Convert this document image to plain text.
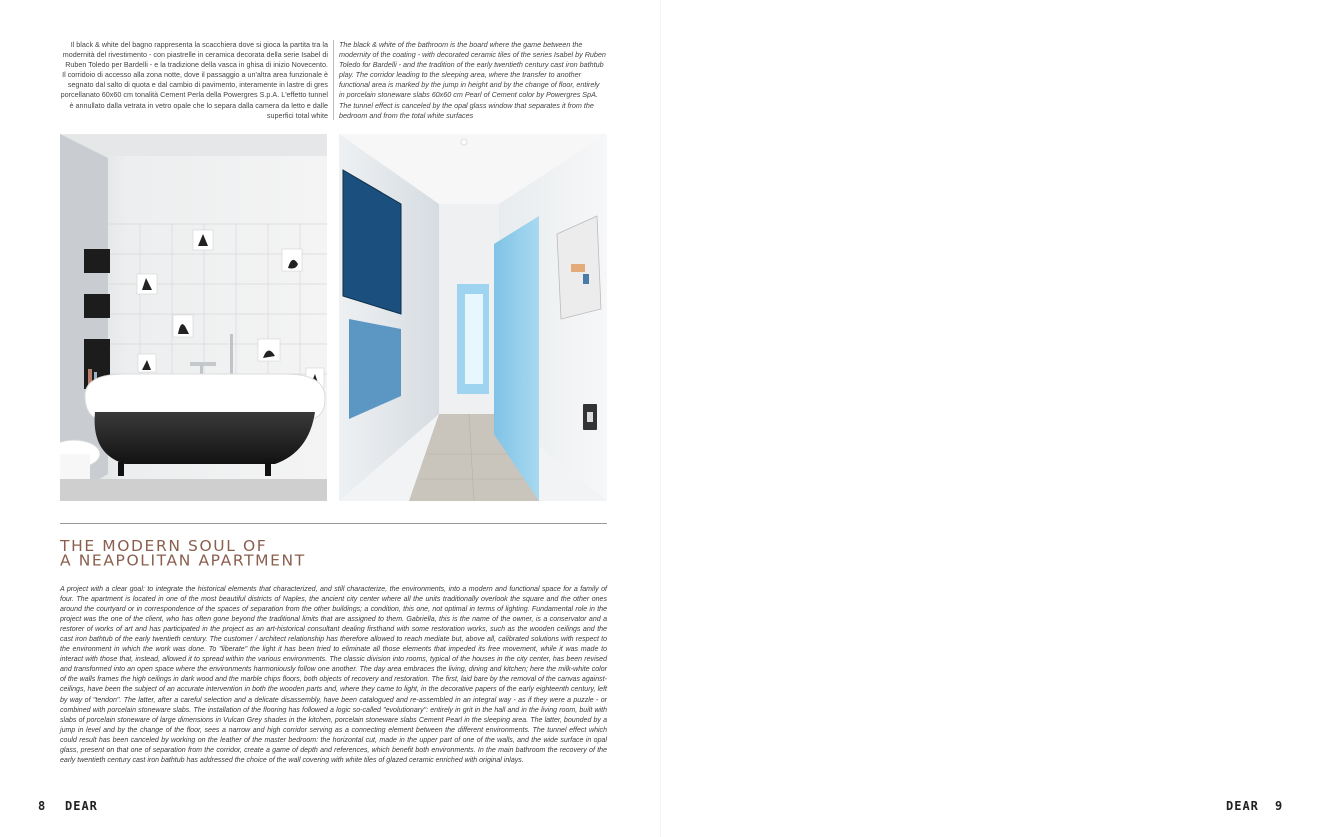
Il black & white del bagno rappresenta la scacchiera dove si gioca la partita tra la modernità del rivestimento - con piastrelle in ceramica decorata della serie Isabel di Ruben Toledo per Bardelli - e la tradizione della vasca in ghisa di inizio Novecento. Il corridoio di accesso alla zona notte, dove il passaggio a un'altra area funzionale è segnato dal salto di quota e dal cambio di pavimento, interamente in lastre di gres porcellanato 60x60 cm tonalità Cement Perla della Powergres S.p.A. L'effetto tunnel è annullato dalla vetrata in vetro opale che lo separa dalla camera da letto e dalle superfici total white

The black & white of the bathroom is the board where the game between the modernity of the coating - with decorated ceramic tiles of the series Isabel by Ruben Toledo for Bardelli - and the tradition of the early twentieth century cast iron bathtub play. The corridor leading to the sleeping area, where the transfer to another functional area is marked by the jump in height and by the change of floor, entirely in porcelain stoneware slabs 60x60 cm Pearl of Cement color by Powergres SpA. The tunnel effect is canceled by the opal glass window that separates it from the bedroom and from the total white surfaces

THE MODERN SOUL OF
A NEAPOLITAN APARTMENT

A project with a clear goal: to integrate the historical elements that characterized, and still characterize, the environments, into a modern and functional space for a family of four. The apartment is located in one of the most beautiful districts of Naples, the ancient city center where all the units traditionally overlook the square and the other ones around the courtyard or in correspondence of the spaces of separation from the other buildings; a condition, this one, not optimal in terms of lighting. Fundamental role in the project was the one of the client, who has often gone beyond the traditional limits that are assigned to them. Gabriella, this is the name of the owner, is a conservator and a restorer of works of art and has participated in the project as an art-historical consultant dealing firsthand with some restoration works, such as the wooden ceilings and the cast iron bathtub of the early twentieth century. The customer / architect relationship has therefore allowed to reach mediate but, above all, calibrated solutions with respect to the environment in which the work was done. To "liberate" the light it has been tried to eliminate all those elements that impeded its free movement, while it was made to interact with those that, instead, allowed it to spread within the various environments. The classic division into rooms, typical of the houses in the city center, has been revised and transformed into an open space where the environments harmoniously follow one another. The day area embraces the living, dining and kitchen; here the milk-white color of the walls frames the high ceilings in dark wood and the marble chips floors, both objects of recovery and restoration. The first, laid bare by the removal of the canvas against-ceilings, have been the subject of an accurate intervention in both the wooden parts and, where they came to light, in the decorative papers of the early eighteenth century, left by way of "tendon". The latter, after a careful selection and a delicate disassembly, have been catalogued and re-assembled in an integral way - as if they were a puzzle - or combined with porcelain stoneware slabs. The installation of the flooring has followed a logic so-called "evolutionary": entirely in grit in the hall and in the living room, built with slabs of porcelain stoneware of large dimensions in Vulcan Grey shades in the kitchen, porcelain stoneware slabs Cement Pearl in the sleeping area. The latter, bounded by a jump in level and by the change of the floor, sees a narrow and high corridor serving as a connecting element between the different environments. The tunnel effect which could result has been canceled by working on the leather of the master bedroom: the horizontal cut, made in the upper part of one of the walls, and the wide surface in opal glass, present on that one of separation from the corridor, create a game of depth and references, which benefit both environments. In the main bathroom the recovery of the early twentieth century cast iron bathtub has addressed the choice of the wall covering with white tiles of glazed ceramic enriched with original inlays.

8 DEAR	DEAR 9
